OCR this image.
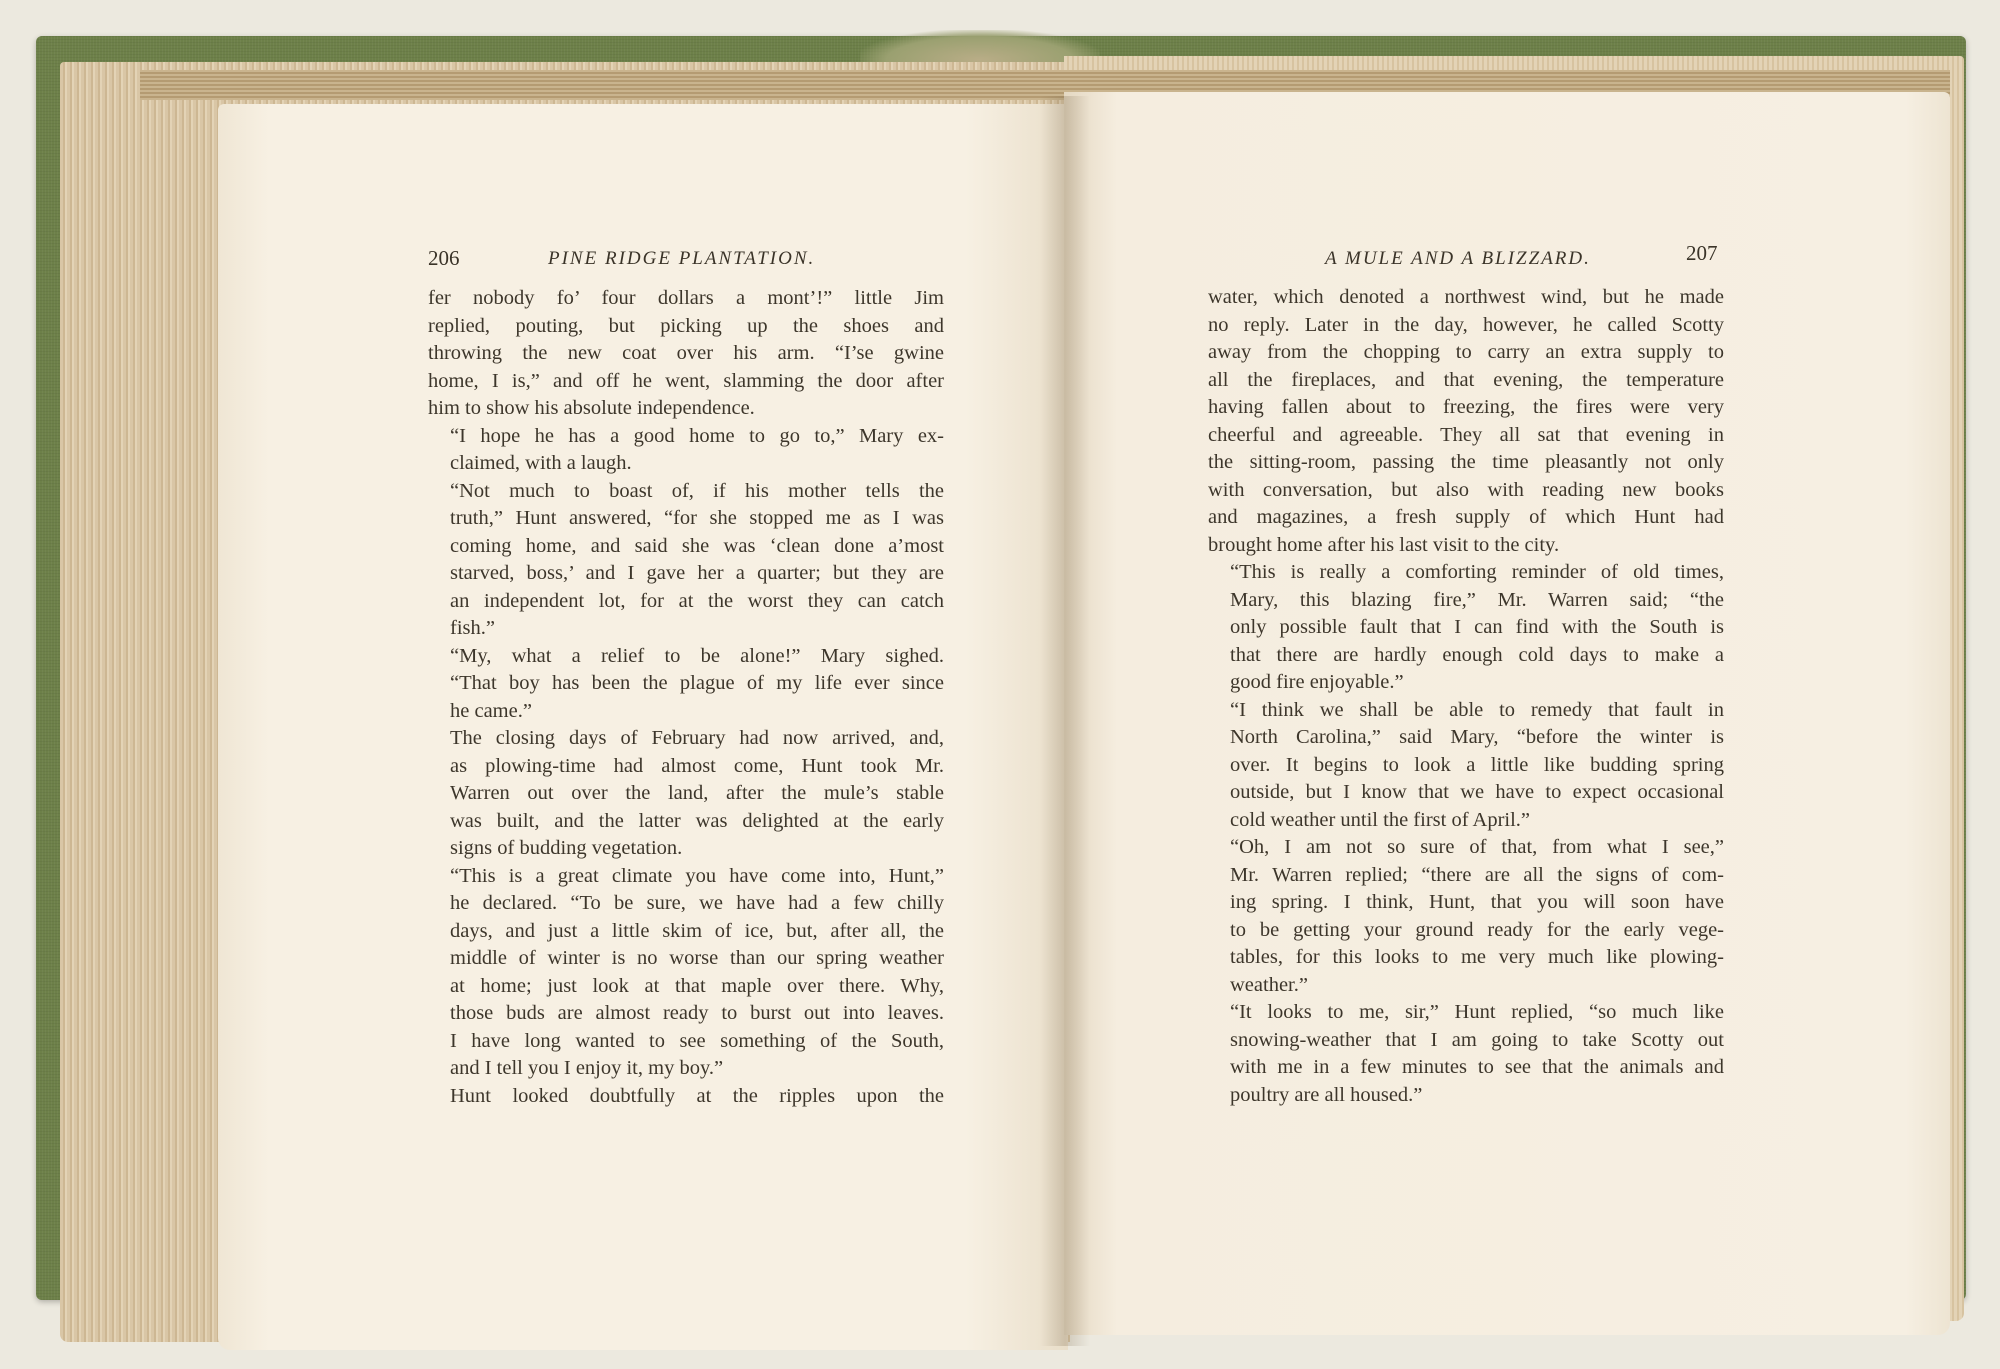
206	PINE RIDGE PLANTATION.	A MULE AND A BLIZZARD.	207

fer nobody fo’ four dollars a mont’!” little Jim
replied, pouting, but picking up the shoes and
throwing the new coat over his arm. “I’se gwine
home, I is,” and off he went, slamming the door after
him to show his absolute independence.

“I hope he has a good home to go to,” Mary ex-
claimed, with a laugh.

“Not much to boast of, if his mother tells the
truth,” Hunt answered, “for she stopped me as I was
coming home, and said she was ‘clean done a’most
starved, boss,’ and I gave her a quarter; but they are
an independent lot, for at the worst they can catch
fish.”

“My, what a relief to be alone!” Mary sighed.
“That boy has been the plague of my life ever since
he came.”

The closing days of February had now arrived, and,
as plowing-time had almost come, Hunt took Mr.
Warren out over the land, after the mule’s stable
was built, and the latter was delighted at the early
signs of budding vegetation.

“This is a great climate you have come into, Hunt,”
he declared. “To be sure, we have had a few chilly
days, and just a little skim of ice, but, after all, the
middle of winter is no worse than our spring weather
at home; just look at that maple over there. Why,
those buds are almost ready to burst out into leaves.
I have long wanted to see something of the South,
and I tell you I enjoy it, my boy.”

Hunt looked doubtfully at the ripples upon the

water, which denoted a northwest wind, but he made
no reply. Later in the day, however, he called Scotty
away from the chopping to carry an extra supply to
all the fireplaces, and that evening, the temperature
having fallen about to freezing, the fires were very
cheerful and agreeable. They all sat that evening in
the sitting-room, passing the time pleasantly not only
with conversation, but also with reading new books
and magazines, a fresh supply of which Hunt had
brought home after his last visit to the city.

“This is really a comforting reminder of old times,
Mary, this blazing fire,” Mr. Warren said; “the
only possible fault that I can find with the South is
that there are hardly enough cold days to make a
good fire enjoyable.”

“I think we shall be able to remedy that fault in
North Carolina,” said Mary, “before the winter is
over. It begins to look a little like budding spring
outside, but I know that we have to expect occasional
cold weather until the first of April.”

“Oh, I am not so sure of that, from what I see,”
Mr. Warren replied; “there are all the signs of com-
ing spring. I think, Hunt, that you will soon have
to be getting your ground ready for the early vege-
tables, for this looks to me very much like plowing-
weather.”

“It looks to me, sir,” Hunt replied, “so much like
snowing-weather that I am going to take Scotty out
with me in a few minutes to see that the animals and
poultry are all housed.”
